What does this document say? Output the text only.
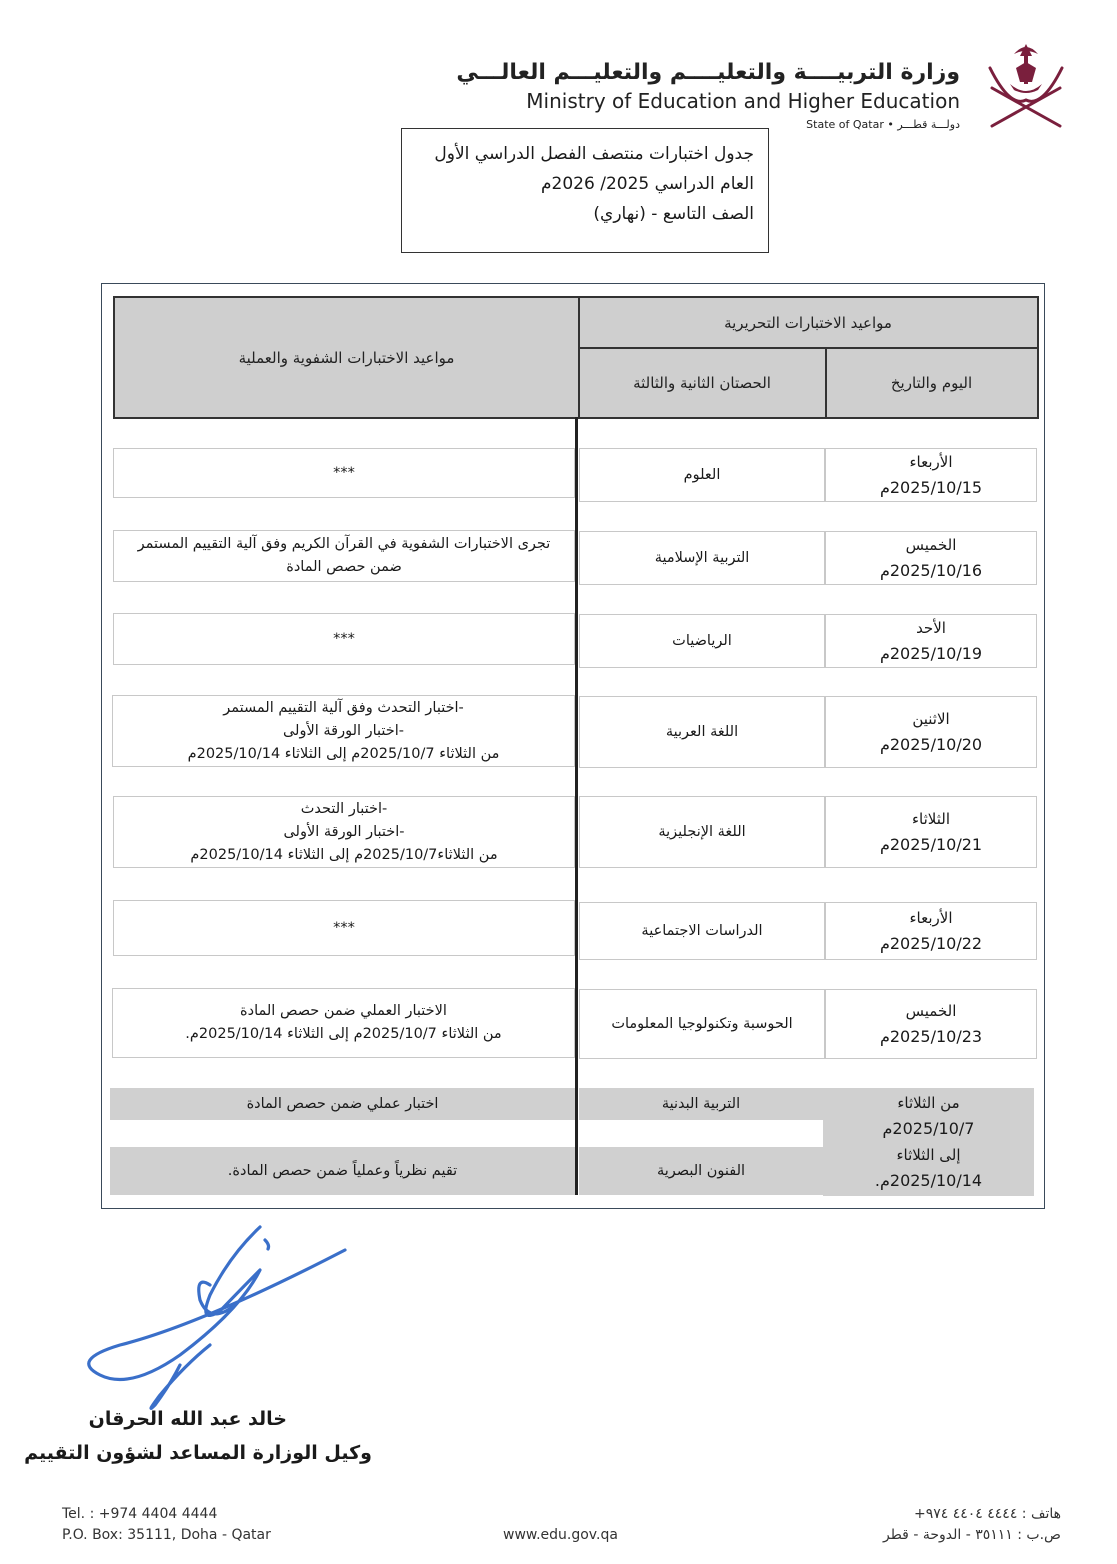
وزارة التربيــــة والتعليــــم والتعليـــم العالـــي
Ministry of Education and Higher Education
State of Qatar • دولـــة قطـــر
جدول اختبارات منتصف الفصل الدراسي الأول
العام الدراسي 2025/ 2026م
الصف التاسع - (نهاري)
مواعيد الاختبارات التحريرية
اليوم والتاريخ
الحصتان الثانية والثالثة
مواعيد الاختبارات الشفوية والعملية
الأربعاء
2025/10/15م
العلوم
***
الخميس
2025/10/16م
التربية الإسلامية
تجرى الاختبارات الشفوية في القرآن الكريم وفق آلية التقييم المستمر
ضمن حصص المادة
الأحد
2025/10/19م
الرياضيات
***
الاثنين
2025/10/20م
اللغة العربية
-اختبار التحدث وفق آلية التقييم المستمر
-اختبار الورقة الأولى
من الثلاثاء 2025/10/7م إلى الثلاثاء 2025/10/14م
الثلاثاء
2025/10/21م
اللغة الإنجليزية
-اختبار التحدث
-اختبار الورقة الأولى
من الثلاثاء2025/10/7م إلى الثلاثاء 2025/10/14م
الأربعاء
2025/10/22م
الدراسات الاجتماعية
***
الخميس
2025/10/23م
الحوسبة وتكنولوجيا المعلومات
الاختبار العملي ضمن حصص المادة
من الثلاثاء 2025/10/7م إلى الثلاثاء 2025/10/14م.
من الثلاثاء
2025/10/7م
إلى الثلاثاء
2025/10/14م.
التربية البدنية
اختبار عملي ضمن حصص المادة
الفنون البصرية
تقيم نظرياً وعملياً ضمن حصص المادة.
خالد عبد الله الحرقان
وكيل الوزارة المساعد لشؤون التقييم
Tel. : +974 4404 4444
P.O. Box: 35111, Doha - Qatar	www.edu.gov.qa
هاتف : ٤٤٤٤ ٤٤٠٤ ٩٧٤+
ص.ب : ٣٥١١١ - الدوحة - قطر
